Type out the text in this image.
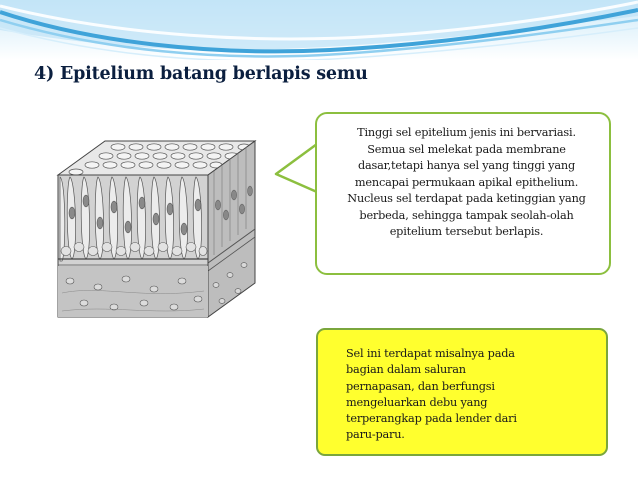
4) Epitelium batang berlapis semu

Tinggi sel epitelium jenis ini bervariasi.
Semua sel melekat pada membrane
dasar,tetapi hanya sel yang tinggi yang
mencapai permukaan apikal epithelium.
Nucleus sel terdapat pada ketinggian yang
berbeda, sehingga tampak seolah-olah
epitelium tersebut berlapis.

Sel ini terdapat misalnya pada
bagian dalam saluran
pernapasan, dan berfungsi
mengeluarkan debu yang
terperangkap pada lender dari
paru-paru.
